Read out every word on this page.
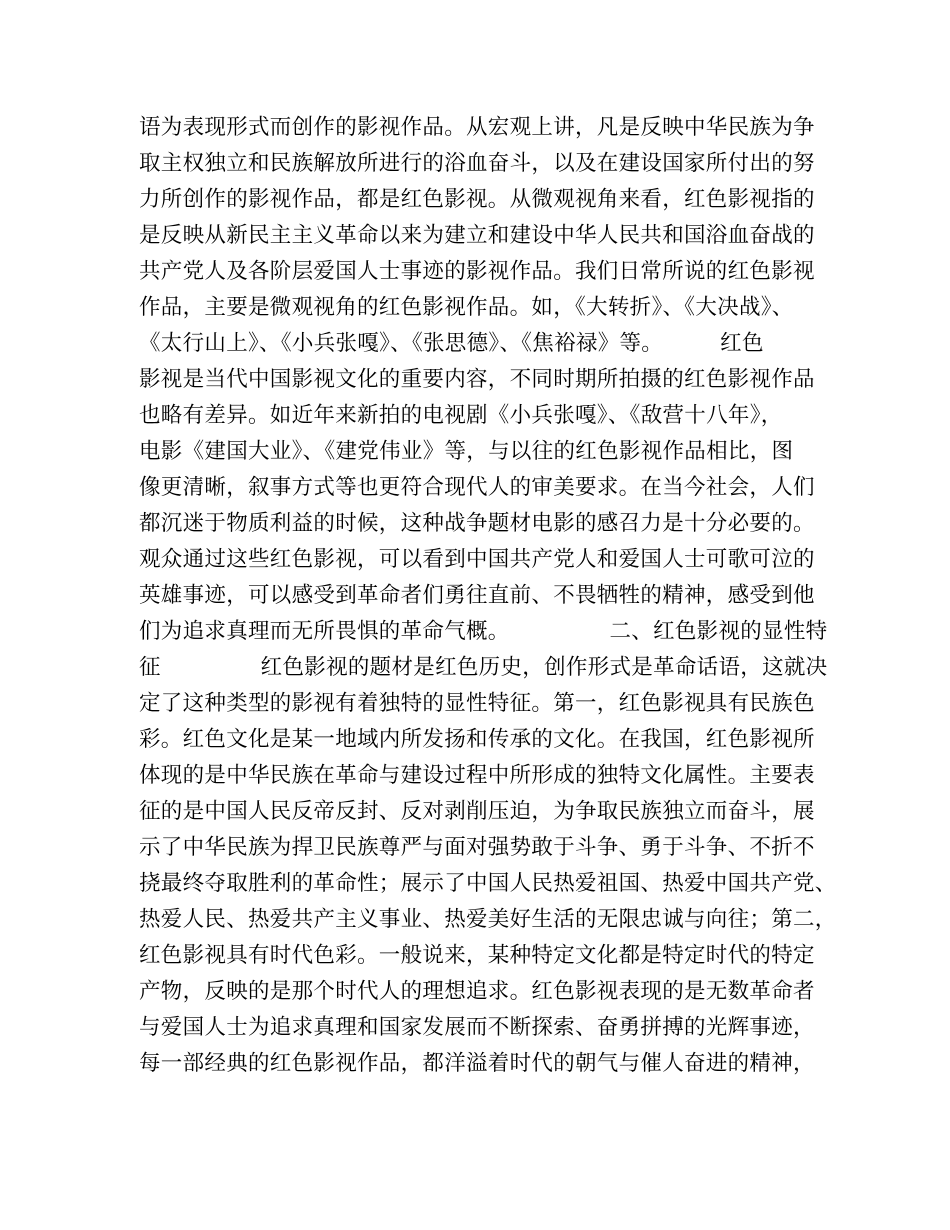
语为表现形式而创作的影视作品。从宏观上讲，凡是反映中华民族为争
取主权独立和民族解放所进行的浴血奋斗，以及在建设国家所付出的努
力所创作的影视作品，都是红色影视。从微观视角来看，红色影视指的
是反映从新民主主义革命以来为建立和建设中华人民共和国浴血奋战的
共产党人及各阶层爱国人士事迹的影视作品。我们日常所说的红色影视
作品，主要是微观视角的红色影视作品。如，《大转折》、《大决战》、
《太行山上》、《小兵张嘎》、《张思德》、《焦裕禄》等。        红色
影视是当代中国影视文化的重要内容，不同时期所拍摄的红色影视作品
也略有差异。如近年来新拍的电视剧《小兵张嘎》、《敌营十八年》，
电影《建国大业》、《建党伟业》等，与以往的红色影视作品相比，图
像更清晰，叙事方式等也更符合现代人的审美要求。在当今社会，人们
都沉迷于物质利益的时候，这种战争题材电影的感召力是十分必要的。
观众通过这些红色影视，可以看到中国共产党人和爱国人士可歌可泣的
英雄事迹，可以感受到革命者们勇往直前、不畏牺牲的精神，感受到他
们为追求真理而无所畏惧的革命气概。              二、红色影视的显性特
征              红色影视的题材是红色历史，创作形式是革命话语，这就决
定了这种类型的影视有着独特的显性特征。第一，红色影视具有民族色
彩。红色文化是某一地域内所发扬和传承的文化。在我国，红色影视所
体现的是中华民族在革命与建设过程中所形成的独特文化属性。主要表
征的是中国人民反帝反封、反对剥削压迫，为争取民族独立而奋斗，展
示了中华民族为捍卫民族尊严与面对强势敢于斗争、勇于斗争、不折不
挠最终夺取胜利的革命性；展示了中国人民热爱祖国、热爱中国共产党、
热爱人民、热爱共产主义事业、热爱美好生活的无限忠诚与向往；第二，
红色影视具有时代色彩。一般说来，某种特定文化都是特定时代的特定
产物，反映的是那个时代人的理想追求。红色影视表现的是无数革命者
与爱国人士为追求真理和国家发展而不断探索、奋勇拼搏的光辉事迹，
每一部经典的红色影视作品，都洋溢着时代的朝气与催人奋进的精神，
